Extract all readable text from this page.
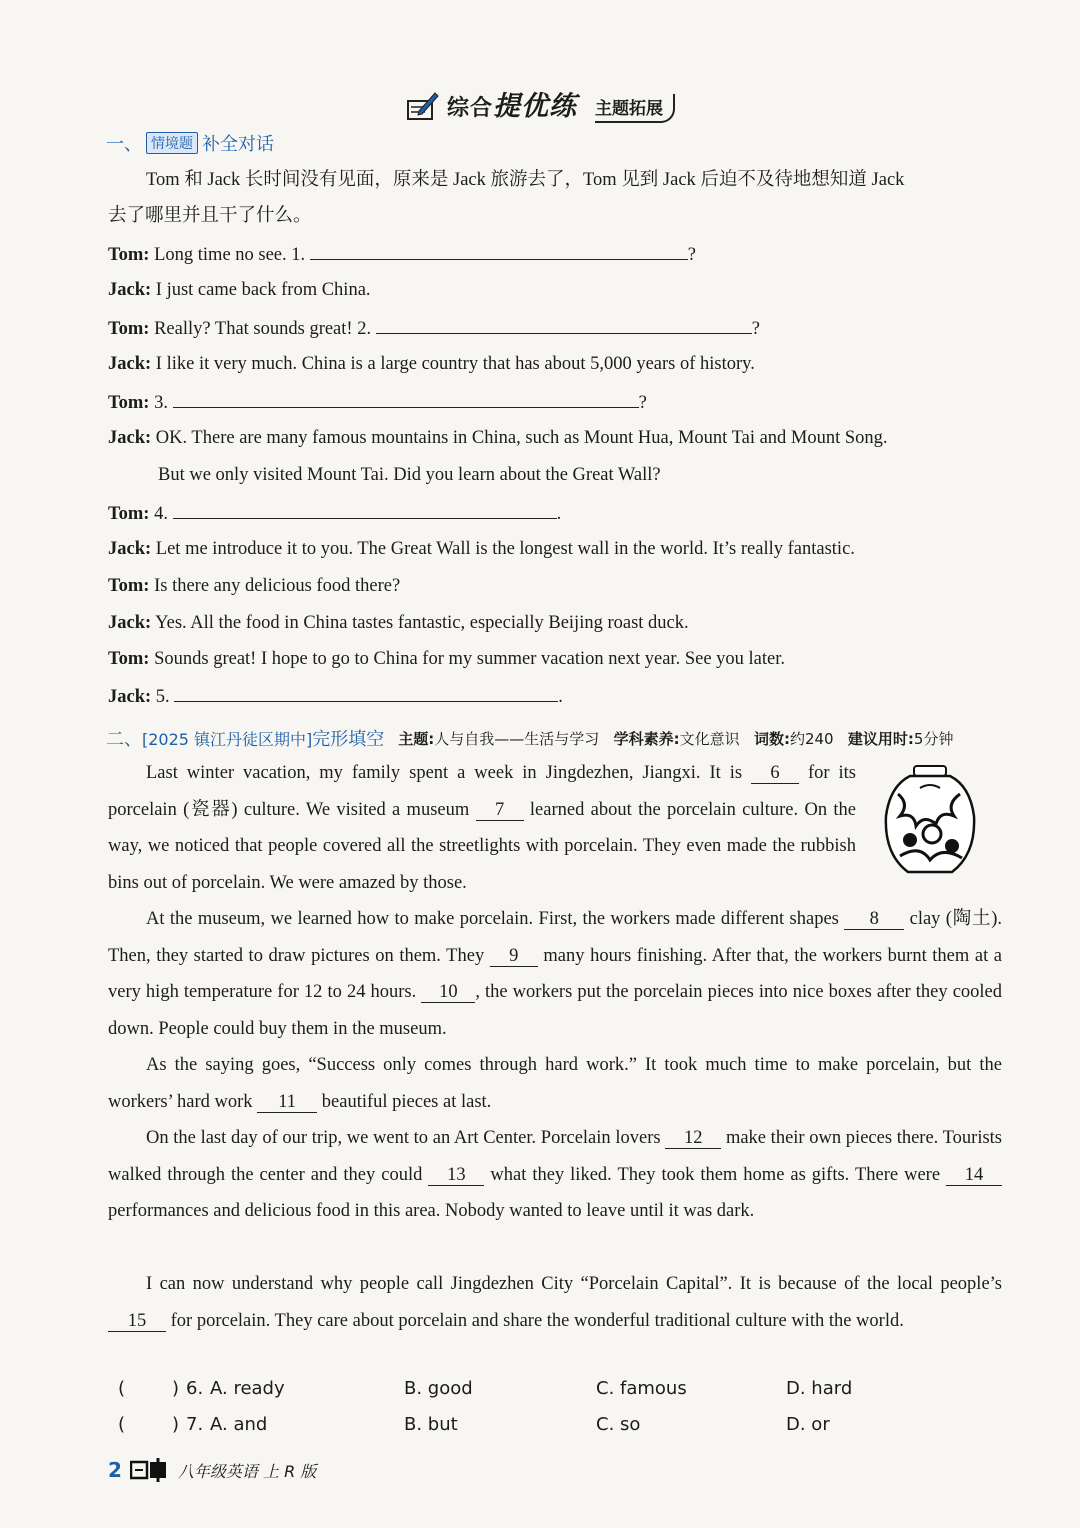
综合提优练 主题拓展
一、 情境题 补全对话
Tom 和 Jack 长时间没有见面，原来是 Jack 旅游去了，Tom 见到 Jack 后迫不及待地想知道 Jack
去了哪里并且干了什么。
Tom: Long time no see. 1.	?
Jack: I just came back from China.
Tom: Really? That sounds great! 2.	?
Jack: I like it very much. China is a large country that has about 5,000 years of history.
Tom: 3.	?
Jack: OK. There are many famous mountains in China, such as Mount Hua, Mount Tai and Mount Song.
But we only visited Mount Tai. Did you learn about the Great Wall?
Tom: 4.	.
Jack: Let me introduce it to you. The Great Wall is the longest wall in the world. It’s really fantastic.
Tom: Is there any delicious food there?
Jack: Yes. All the food in China tastes fantastic, especially Beijing roast duck.
Tom: Sounds great! I hope to go to China for my summer vacation next year. See you later.
Jack: 5.	.
二、 [2025 镇江丹徒区期中] 完形填空 主题:人与自我——生活与学习 学科素养:文化意识 词数:约240 建议用时:5分钟
Last winter vacation, my family spent a week in Jingdezhen, Jiangxi. It is 6 for its porcelain (瓷器) culture. We visited a museum 7 learned about the porcelain culture. On the way, we noticed that people covered all the streetlights with porcelain. They even made the rubbish bins out of porcelain. We were amazed by those.
At the museum, we learned how to make porcelain. First, the workers made different shapes 8 clay (陶土). Then, they started to draw pictures on them. They 9 many hours finishing. After that, the workers burnt them at a very high temperature for 12 to 24 hours. 10 , the workers put the porcelain pieces into nice boxes after they cooled down. People could buy them in the museum.
As the saying goes, “Success only comes through hard work.” It took much time to make porcelain, but the workers’ hard work 11 beautiful pieces at last.
On the last day of our trip, we went to an Art Center. Porcelain lovers 12 make their own pieces there. Tourists walked through the center and they could 13 what they liked. They took them home as gifts. There were 14 performances and delicious food in this area. Nobody wanted to leave until it was dark.
I can now understand why people call Jingdezhen City “Porcelain Capital”. It is because of the local people’s 15 for porcelain. They care about porcelain and share the wonderful traditional culture with the world.
(	) 6. A. ready	B. good	C. famous	D. hard
(	) 7. A. and	B. but	C. so	D. or
2	八年级英语 上 R 版
